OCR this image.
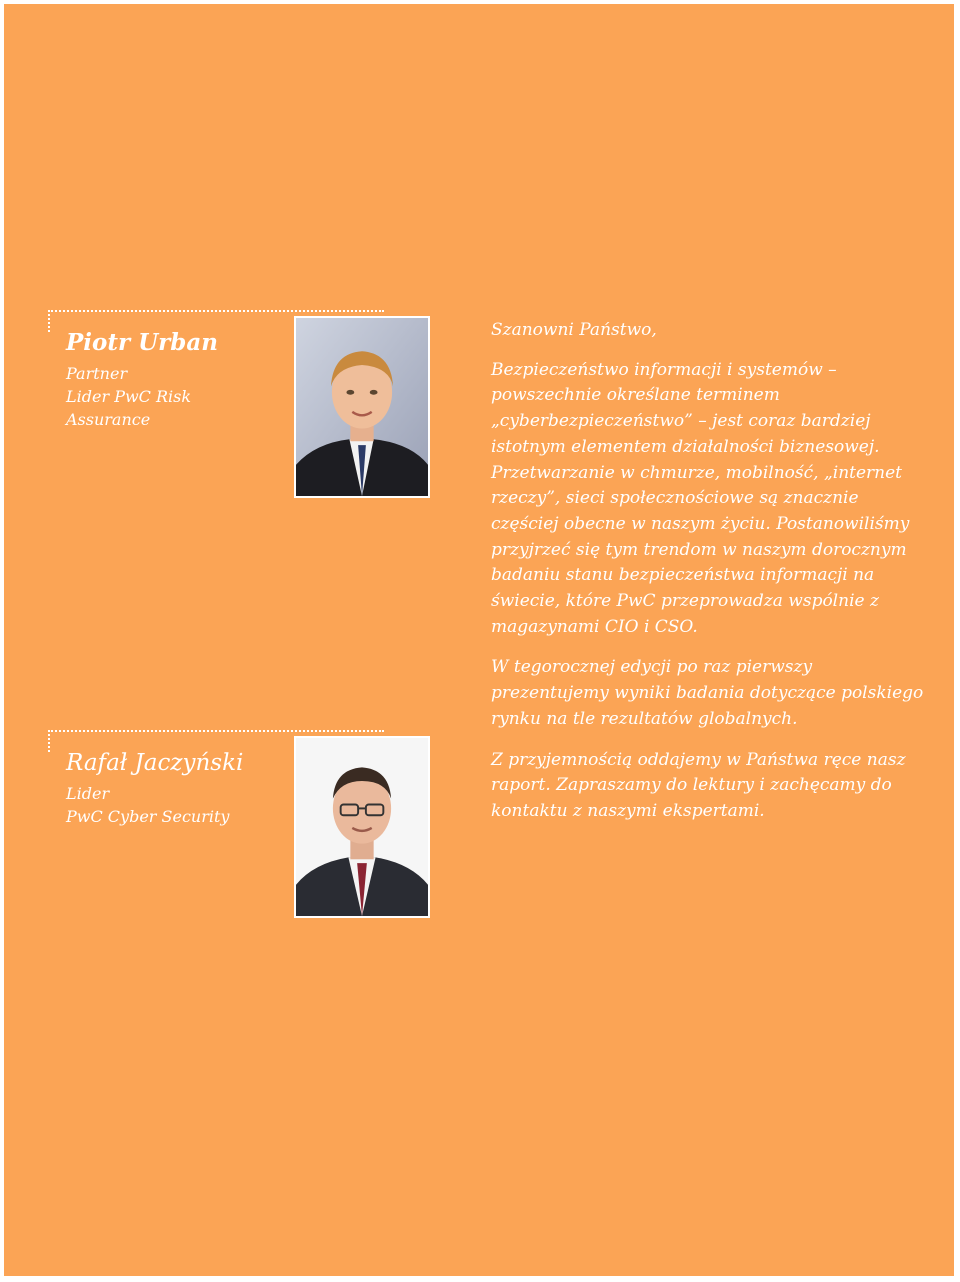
Piotr Urban
Partner
Lider PwC Risk
Assurance
Rafał Jaczyński
Lider
PwC Cyber Security

Szanowni Państwo,

Bezpieczeństwo informacji i systemów – powszechnie określane terminem „cyberbezpieczeństwo” – jest coraz bardziej istotnym elementem działalności biznesowej. Przetwarzanie w chmurze, mobilność, „internet rzeczy”, sieci społecznościowe są znacznie częściej obecne w naszym życiu. Postanowiliśmy przyjrzeć się tym trendom w naszym dorocznym badaniu stanu bezpieczeństwa informacji na świecie, które PwC przeprowadza wspólnie z magazynami CIO i CSO.

W tegorocznej edycji po raz pierwszy prezentujemy wyniki badania dotyczące polskiego rynku na tle rezultatów globalnych.

Z przyjemnością oddajemy w Państwa ręce nasz raport. Zapraszamy do lektury i zachęcamy do kontaktu z naszymi ekspertami.
